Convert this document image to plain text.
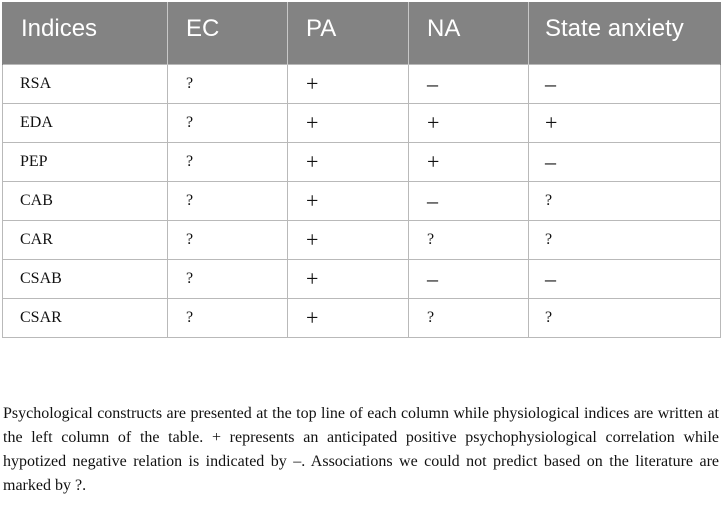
Indices	EC	PA	NA	State anxiety
RSA	?	+	–	–
EDA	?	+	+	+
PEP	?	+	+	–
CAB	?	+	–	?
CAR	?	+	?	?
CSAB	?	+	–	–
CSAR	?	+	?	?

Psychological constructs are presented at the top line of each column while physiological indices are written at the left column of the table. + represents an anticipated positive psychophysiological correlation while hypotized negative relation is indicated by –. Associations we could not predict based on the literature are marked by ?.
